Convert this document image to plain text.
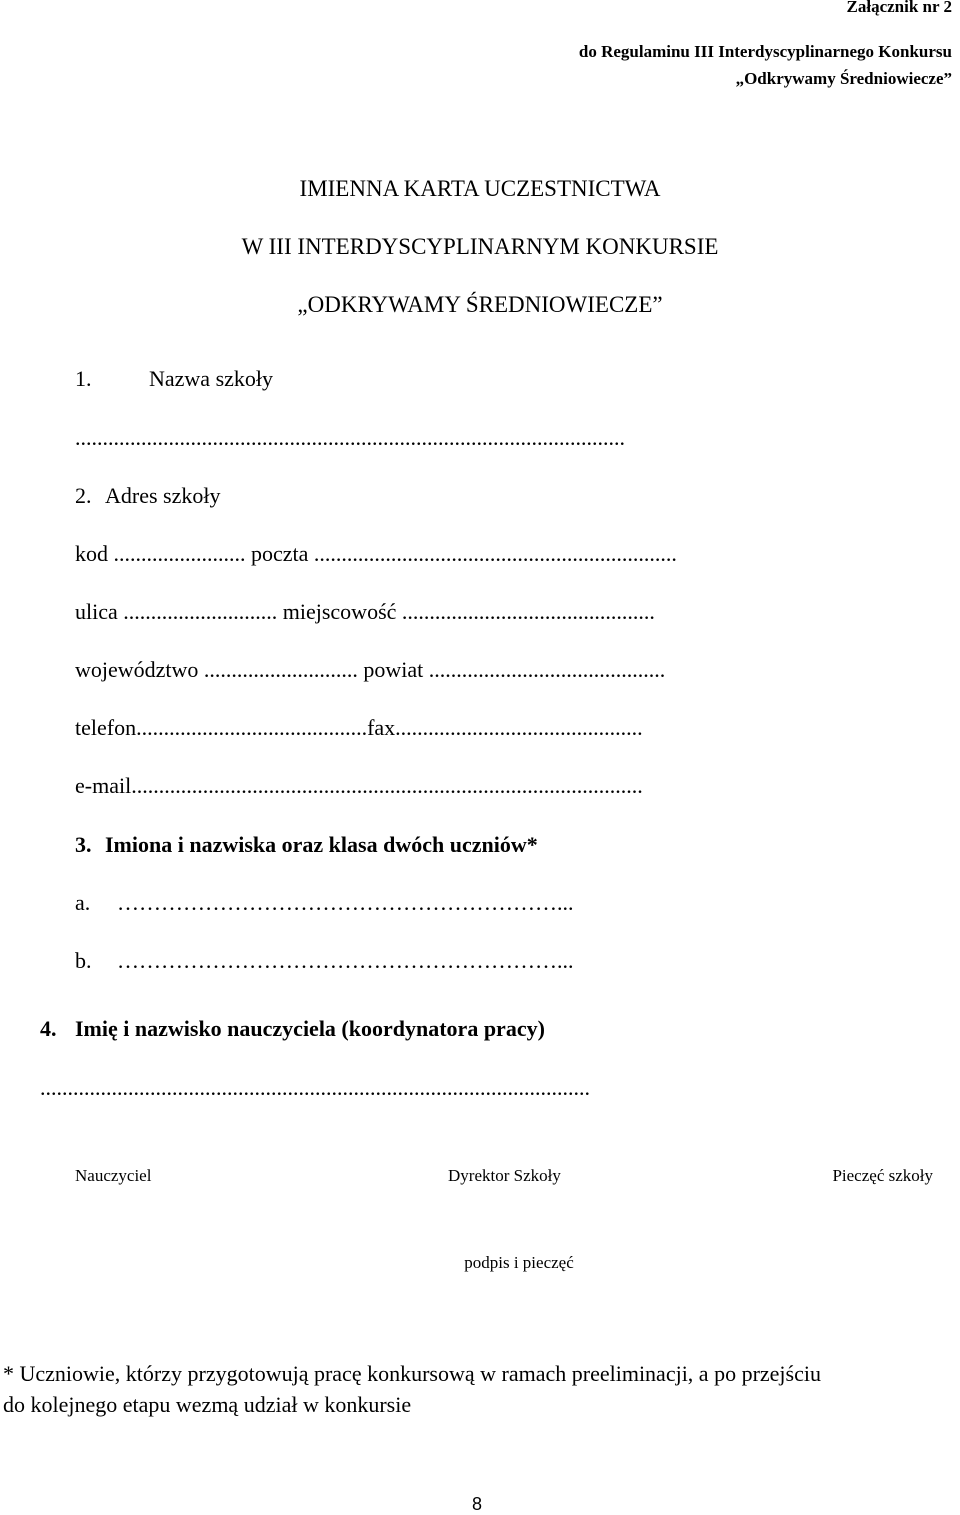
Załącznik nr 2
do Regulaminu III Interdyscyplinarnego Konkursu
„Odkrywamy Średniowiecze”
IMIENNA KARTA UCZESTNICTWA
W III INTERDYSCYPLINARNYM KONKURSIE
„ODKRYWAMY ŚREDNIOWIECZE”
1.	Nazwa szkoły
....................................................................................................
2. Adres szkoły
kod ........................ poczta ..................................................................
ulica ............................ miejscowość ..............................................
województwo ............................ powiat ...........................................
telefon..........................................fax.............................................
e-mail.............................................................................................
3. Imiona i nazwiska oraz klasa dwóch uczniów*
a. ……………………………………………………...
b. ……………………………………………………...
4. Imię i nazwisko nauczyciela (koordynatora pracy)
....................................................................................................
Nauczyciel	Dyrektor Szkoły	Pieczęć szkoły
podpis i pieczęć
* Uczniowie, którzy przygotowują pracę konkursową w ramach preeliminacji, a po przejściu
do kolejnego etapu wezmą udział w konkursie
8
